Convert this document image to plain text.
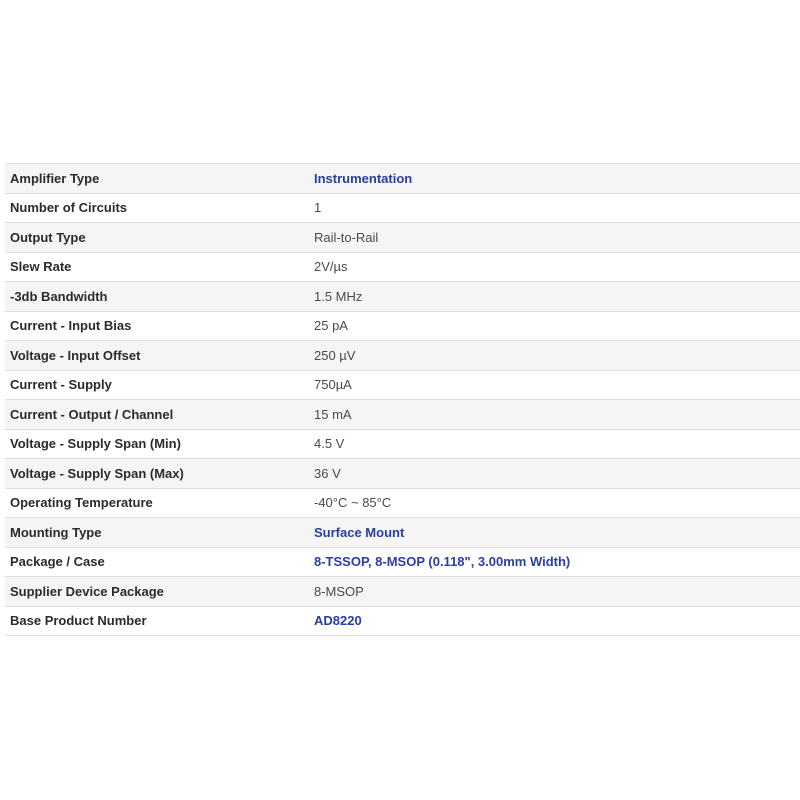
Amplifier Type	Instrumentation
Number of Circuits	1
Output Type	Rail-to-Rail
Slew Rate	2V/µs
-3db Bandwidth	1.5 MHz
Current - Input Bias	25 pA
Voltage - Input Offset	250 µV
Current - Supply	750µA
Current - Output / Channel	15 mA
Voltage - Supply Span (Min)	4.5 V
Voltage - Supply Span (Max)	36 V
Operating Temperature	-40°C ~ 85°C
Mounting Type	Surface Mount
Package / Case	8-TSSOP, 8-MSOP (0.118", 3.00mm Width)
Supplier Device Package	8-MSOP
Base Product Number	AD8220
